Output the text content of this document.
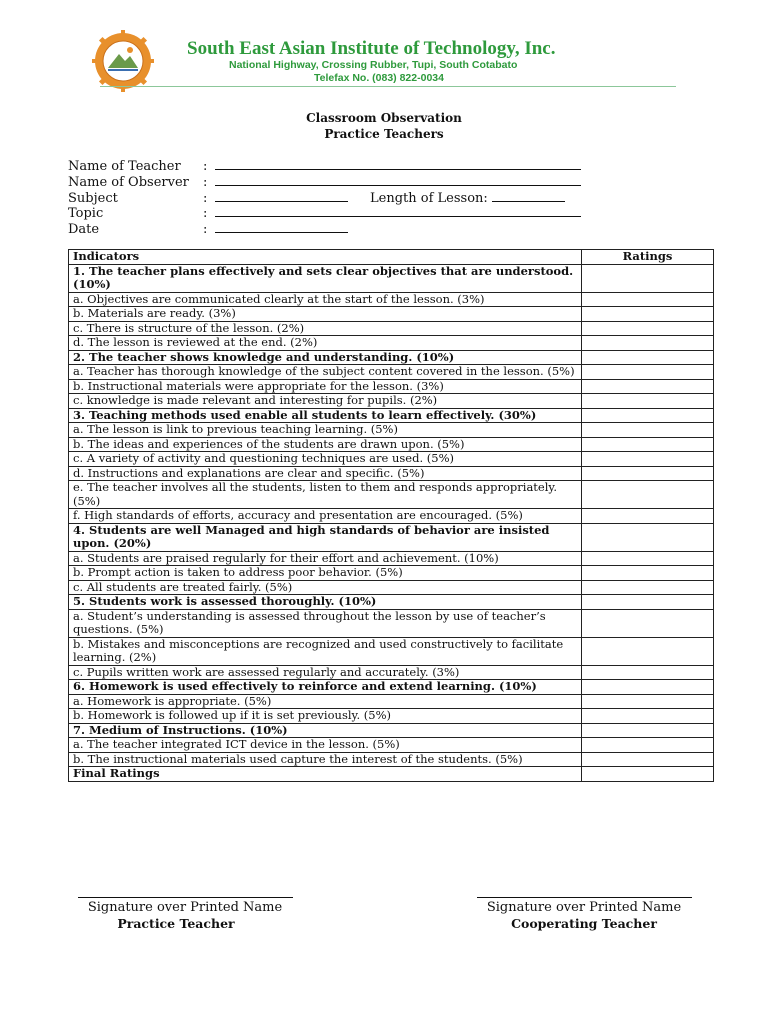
South East Asian Institute of Technology, Inc.
National Highway, Crossing Rubber, Tupi, South Cotabato
Telefax No. (083) 822-0034
Classroom Observation
Practice Teachers
Name of Teacher :
Name of Observer :
Subject	:	Length of Lesson:
Topic	:
Date	:
Indicators	Ratings
1. The teacher plans effectively and sets clear objectives that are understood. (10%)	
a. Objectives are communicated clearly at the start of the lesson. (3%)	
b. Materials are ready. (3%)	
c. There is structure of the lesson. (2%)	
d. The lesson is reviewed at the end. (2%)	
2. The teacher shows knowledge and understanding. (10%)	
a. Teacher has thorough knowledge of the subject content covered in the lesson. (5%)	
b. Instructional materials were appropriate for the lesson. (3%)	
c. knowledge is made relevant and interesting for pupils. (2%)	
3. Teaching methods used enable all students to learn effectively. (30%)	
a. The lesson is link to previous teaching learning. (5%)	
b. The ideas and experiences of the students are drawn upon. (5%)	
c. A variety of activity and questioning techniques are used. (5%)	
d. Instructions and explanations are clear and specific. (5%)	
e. The teacher involves all the students, listen to them and responds appropriately. (5%)	
f. High standards of efforts, accuracy and presentation are encouraged. (5%)	
4. Students are well Managed and high standards of behavior are insisted upon. (20%)	
a. Students are praised regularly for their effort and achievement. (10%)	
b. Prompt action is taken to address poor behavior. (5%)	
c. All students are treated fairly. (5%)	
5. Students work is assessed thoroughly. (10%)	
a. Student’s understanding is assessed throughout the lesson by use of teacher’s questions. (5%)	
b. Mistakes and misconceptions are recognized and used constructively to facilitate learning. (2%)	
c. Pupils written work are assessed regularly and accurately. (3%)	
6. Homework is used effectively to reinforce and extend learning. (10%)	
a. Homework is appropriate. (5%)	
b. Homework is followed up if it is set previously. (5%)	
7. Medium of Instructions. (10%)	
a. The teacher integrated ICT device in the lesson. (5%)	
b. The instructional materials used capture the interest of the students. (5%)	
Final Ratings	
Signature over Printed Name
Practice Teacher
Signature over Printed Name
Cooperating Teacher
